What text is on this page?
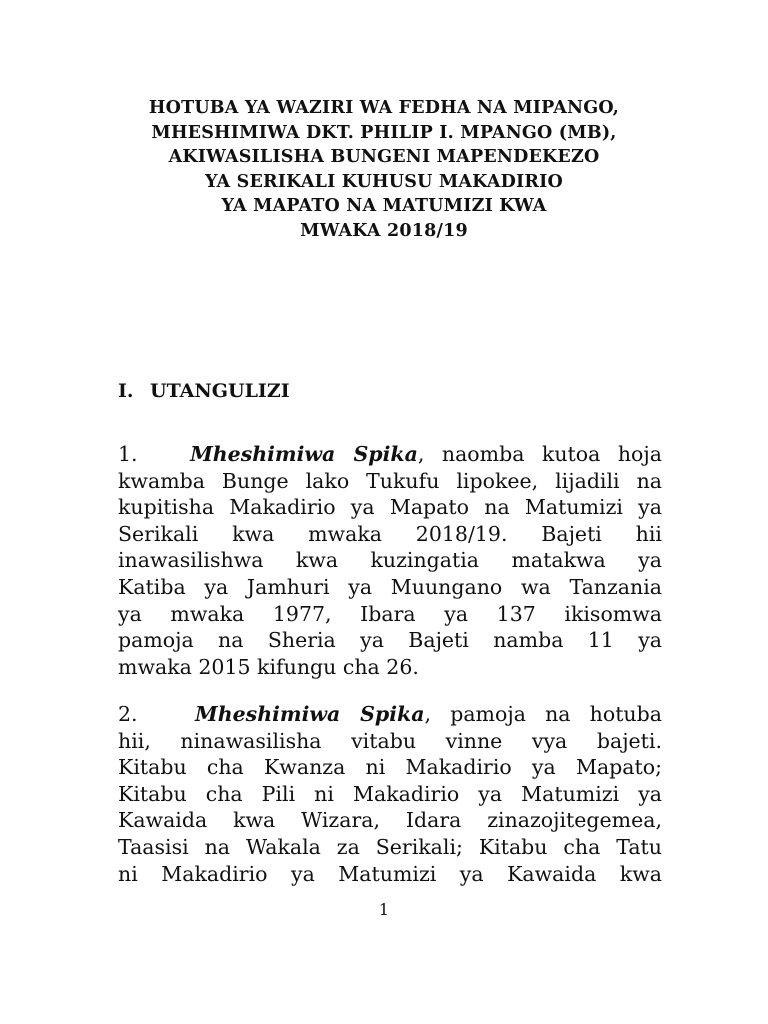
HOTUBA YA WAZIRI WA FEDHA NA MIPANGO,
MHESHIMIWA DKT. PHILIP I. MPANGO (MB),
AKIWASILISHA BUNGENI MAPENDEKEZO
YA SERIKALI KUHUSU MAKADIRIO
YA MAPATO NA MATUMIZI KWA
MWAKA 2018/19
I. UTANGULIZI
1.	Mheshimiwa Spika, naomba kutoa hoja
kwamba Bunge lako Tukufu lipokee, lijadili na
kupitisha Makadirio ya Mapato na Matumizi ya
Serikali kwa mwaka 2018/19. Bajeti hii
inawasilishwa kwa kuzingatia matakwa ya
Katiba ya Jamhuri ya Muungano wa Tanzania
ya mwaka 1977, Ibara ya 137 ikisomwa
pamoja na Sheria ya Bajeti namba 11 ya
mwaka 2015 kifungu cha 26.
2.	Mheshimiwa Spika, pamoja na hotuba
hii, ninawasilisha vitabu vinne vya bajeti.
Kitabu cha Kwanza ni Makadirio ya Mapato;
Kitabu cha Pili ni Makadirio ya Matumizi ya
Kawaida kwa Wizara, Idara zinazojitegemea,
Taasisi na Wakala za Serikali; Kitabu cha Tatu
ni Makadirio ya Matumizi ya Kawaida kwa
1
